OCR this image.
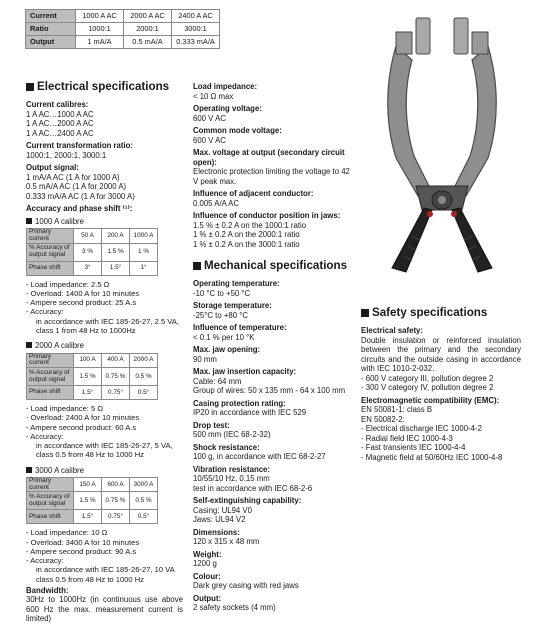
Current	1000 A AC	2000 A AC	2400 A AC
Ratio	1000:1	2000:1	3000:1
Output	1 mA/A	0.5 mA/A	0.333 mA/A
Electrical specifications
Current calibres:
1 A AC…1000 A AC
1 A AC…2000 A AC
1 A AC…2400 A AC
Current transformation ratio:
1000:1, 2000:1, 3000:1
Output signal:
1 mA/A AC (1 A for 1000 A)
0.5 mA/A AC (1 A for 2000 A)
0.333 mA/A AC (1 A for 3000 A)
Accuracy and phase shift ⁽¹⁾:
1000 A calibre
Primary current	50 A	200 A	1000 A
% Accuracy of output signal	3 %	1.5 %	1 %
Phase shift	3°	1.5°	1°
- Load impedance: 2.5 Ω
- Overload: 1400 A for 10 minutes
- Ampere second product: 25 A.s
- Accuracy:
in accordance with IEC 185-26-27, 2.5 VA,
class 1 from 48 Hz to 1000Hz
2000 A calibre
Primary current	100 A	400 A	2000 A
% Accuracy of output signal	1.5 %	0.75 %	0.5 %
Phase shift	1.5°	0.75°	0.5°
- Load impedance: 5 Ω
- Overload: 2400 A for 10 minutes
- Ampere second product: 60 A.s
- Accuracy:
in accordance with IEC 185-26-27, 5 VA,
class 0.5 from 48 Hz to 1000 Hz
3000 A calibre
Primary current	150 A	600 A	3000 A
% Accuracy of output signal	1.5 %	0.75 %	0.5 %
Phase shift	1.5°	0.75°	0.5°
- Load impedance: 10 Ω
- Overload: 3400 A for 10 minutes
- Ampere second product: 90 A.s
- Accuracy:
in accordance with IEC 185-26-27, 10 VA
class 0.5 from 48 Hz to 1000 Hz
Bandwidth:
30Hz to 1000Hz (in continuous use above 600 Hz the max. measurement current is limited)
Load impedance:
< 10 Ω max
Operating voltage:
600 V AC
Common mode voltage:
600 V AC
Max. voltage at output (secondary circuit open):
Electronic protection limiting the voltage to 42 V peak max.
Influence of adjacent conductor:
0.005 A/A AC
Influence of conductor position in jaws:
1.5 % ± 0.2 A on the 1000:1 ratio
1 % ± 0.2 A on the 2000:1 ratio
1 % ± 0.2 A on the 3000:1 ratio
Mechanical specifications
Operating temperature:
-10 °C to +50 °C
Storage temperature:
-25°C to +80 °C
Influence of temperature:
< 0.1 % per 10 °K
Max. jaw opening:
90 mm
Max. jaw insertion capacity:
Cable: 64 mm
Group of wires: 50 x 135 mm - 64 x 100 mm
Casing protection rating:
IP20 in accordance with IEC 529
Drop test:
500 mm (IEC 68-2-32)
Shock resistance:
100 g, in accordance with IEC 68-2-27
Vibration resistance:
10/55/10 Hz, 0.15 mm
test in accordance with IEC 68-2-6
Self-extinguishing capability:
Casing: UL94 V0
Jaws: UL94 V2
Dimensions:
120 x 315 x 48 mm
Weight:
1200 g
Colour:
Dark grey casing with red jaws
Output:
2 safety sockets (4 mm)
Safety specifications
Electrical safety:
Double insulation or reinforced insulation between the primary and the secondary circuits and the outside casing in accordance with IEC 1010-2-032.
- 600 V category III, pollution degree 2
- 300 V category IV, pollution degree 2
Electromagnetic compatibility (EMC):
EN 50081-1: class B
EN 50082-2:
- Electrical discharge IEC 1000-4-2
- Radial field IEC 1000-4-3
- Fast transients IEC 1000-4-4
- Magnetic field at 50/60Hz IEC 1000-4-8
